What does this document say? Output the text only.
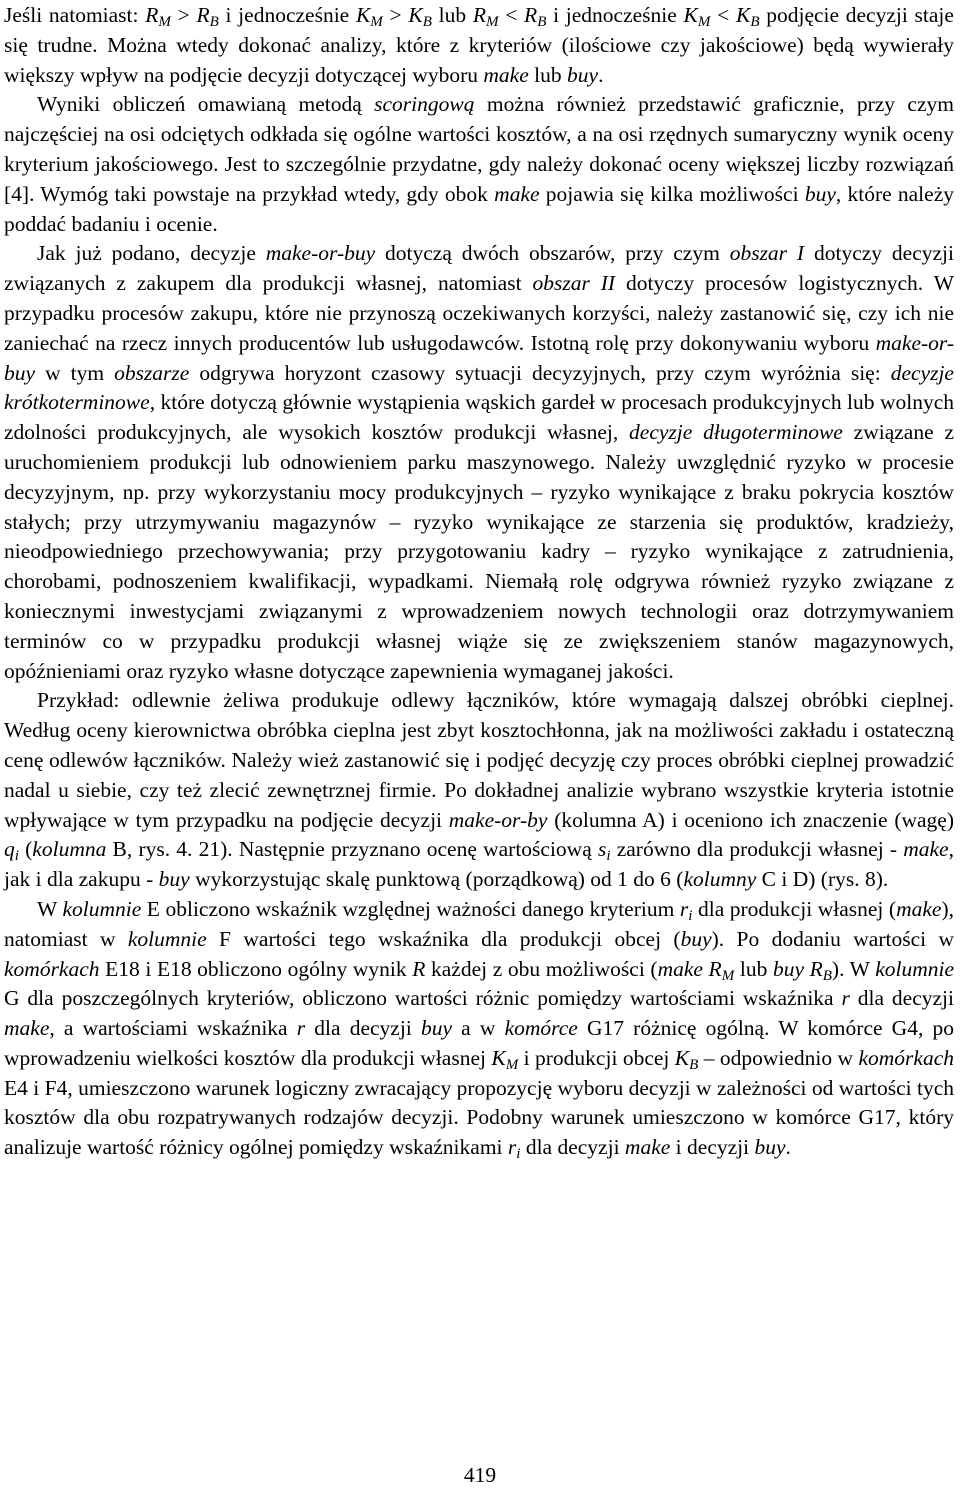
Jeśli natomiast: $R_M > R_B$ i jednocześnie $K_M > K_B$ lub $R_M < R_B$ i jednocześnie $K_M < K_B$ podjęcie decyzji staje się trudne. Można wtedy dokonać analizy, które z kryteriów (ilościowe czy jakościowe) będą wywierały większy wpływ na podjęcie decyzji dotyczącej wyboru make lub buy.

Wyniki obliczeń omawianą metodą scoringową można również przedstawić graficznie, przy czym najczęściej na osi odciętych odkłada się ogólne wartości kosztów, a na osi rzędnych sumaryczny wynik oceny kryterium jakościowego. Jest to szczególnie przydatne, gdy należy dokonać oceny większej liczby rozwiązań [4]. Wymóg taki powstaje na przykład wtedy, gdy obok make pojawia się kilka możliwości buy, które należy poddać badaniu i ocenie.

Jak już podano, decyzje make-or-buy dotyczą dwóch obszarów, przy czym obszar I dotyczy decyzji związanych z zakupem dla produkcji własnej, natomiast obszar II dotyczy procesów logistycznych. W przypadku procesów zakupu, które nie przynoszą oczekiwanych korzyści, należy zastanowić się, czy ich nie zaniechać na rzecz innych producentów lub usługodawców. Istotną rolę przy dokonywaniu wyboru make-or-buy w tym obszarze odgrywa horyzont czasowy sytuacji decyzyjnych, przy czym wyróżnia się: decyzje krótkoterminowe, które dotyczą głównie wystąpienia wąskich gardeł w procesach produkcyjnych lub wolnych zdolności produkcyjnych, ale wysokich kosztów produkcji własnej, decyzje długoterminowe związane z uruchomieniem produkcji lub odnowieniem parku maszynowego. Należy uwzględnić ryzyko w procesie decyzyjnym, np. przy wykorzystaniu mocy produkcyjnych – ryzyko wynikające z braku pokrycia kosztów stałych; przy utrzymywaniu magazynów – ryzyko wynikające ze starzenia się produktów, kradzieży, nieodpowiedniego przechowywania; przy przygotowaniu kadry – ryzyko wynikające z zatrudnienia, chorobami, podnoszeniem kwalifikacji, wypadkami. Niemałą rolę odgrywa również ryzyko związane z koniecznymi inwestycjami związanymi z wprowadzeniem nowych technologii oraz dotrzymywaniem terminów co w przypadku produkcji własnej wiąże się ze zwiększeniem stanów magazynowych, opóźnieniami oraz ryzyko własne dotyczące zapewnienia wymaganej jakości.

Przykład: odlewnie żeliwa produkuje odlewy łączników, które wymagają dalszej obróbki cieplnej. Według oceny kierownictwa obróbka cieplna jest zbyt kosztochłonna, jak na możliwości zakładu i ostateczną cenę odlewów łączników. Należy wież zastanowić się i podjęć decyzję czy proces obróbki cieplnej prowadzić nadal u siebie, czy też zlecić zewnętrznej firmie. Po dokładnej analizie wybrano wszystkie kryteria istotnie wpływające w tym przypadku na podjęcie decyzji make-or-by (kolumna A) i oceniono ich znaczenie (wagę) $q_i$ (kolumna B, rys. 4. 21). Następnie przyznano ocenę wartościową $s_i$ zarówno dla produkcji własnej - make, jak i dla zakupu - buy wykorzystując skalę punktową (porządkową) od 1 do 6 (kolumny C i D) (rys. 8).

W kolumnie E obliczono wskaźnik względnej ważności danego kryterium $r_i$ dla produkcji własnej (make), natomiast w kolumnie F wartości tego wskaźnika dla produkcji obcej (buy). Po dodaniu wartości w komórkach E18 i E18 obliczono ogólny wynik R każdej z obu możliwości (make $R_M$ lub buy $R_B$). W kolumnie G dla poszczególnych kryteriów, obliczono wartości różnic pomiędzy wartościami wskaźnika r dla decyzji make, a wartościami wskaźnika r dla decyzji buy a w komórce G17 różnicę ogólną. W komórce G4, po wprowadzeniu wielkości kosztów dla produkcji własnej $K_M$ i produkcji obcej $K_B$ – odpowiednio w komórkach E4 i F4, umieszczono warunek logiczny zwracający propozycję wyboru decyzji w zależności od wartości tych kosztów dla obu rozpatrywanych rodzajów decyzji. Podobny warunek umieszczono w komórce G17, który analizuje wartość różnicy ogólnej pomiędzy wskaźnikami $r_i$ dla decyzji make i decyzji buy.

419
